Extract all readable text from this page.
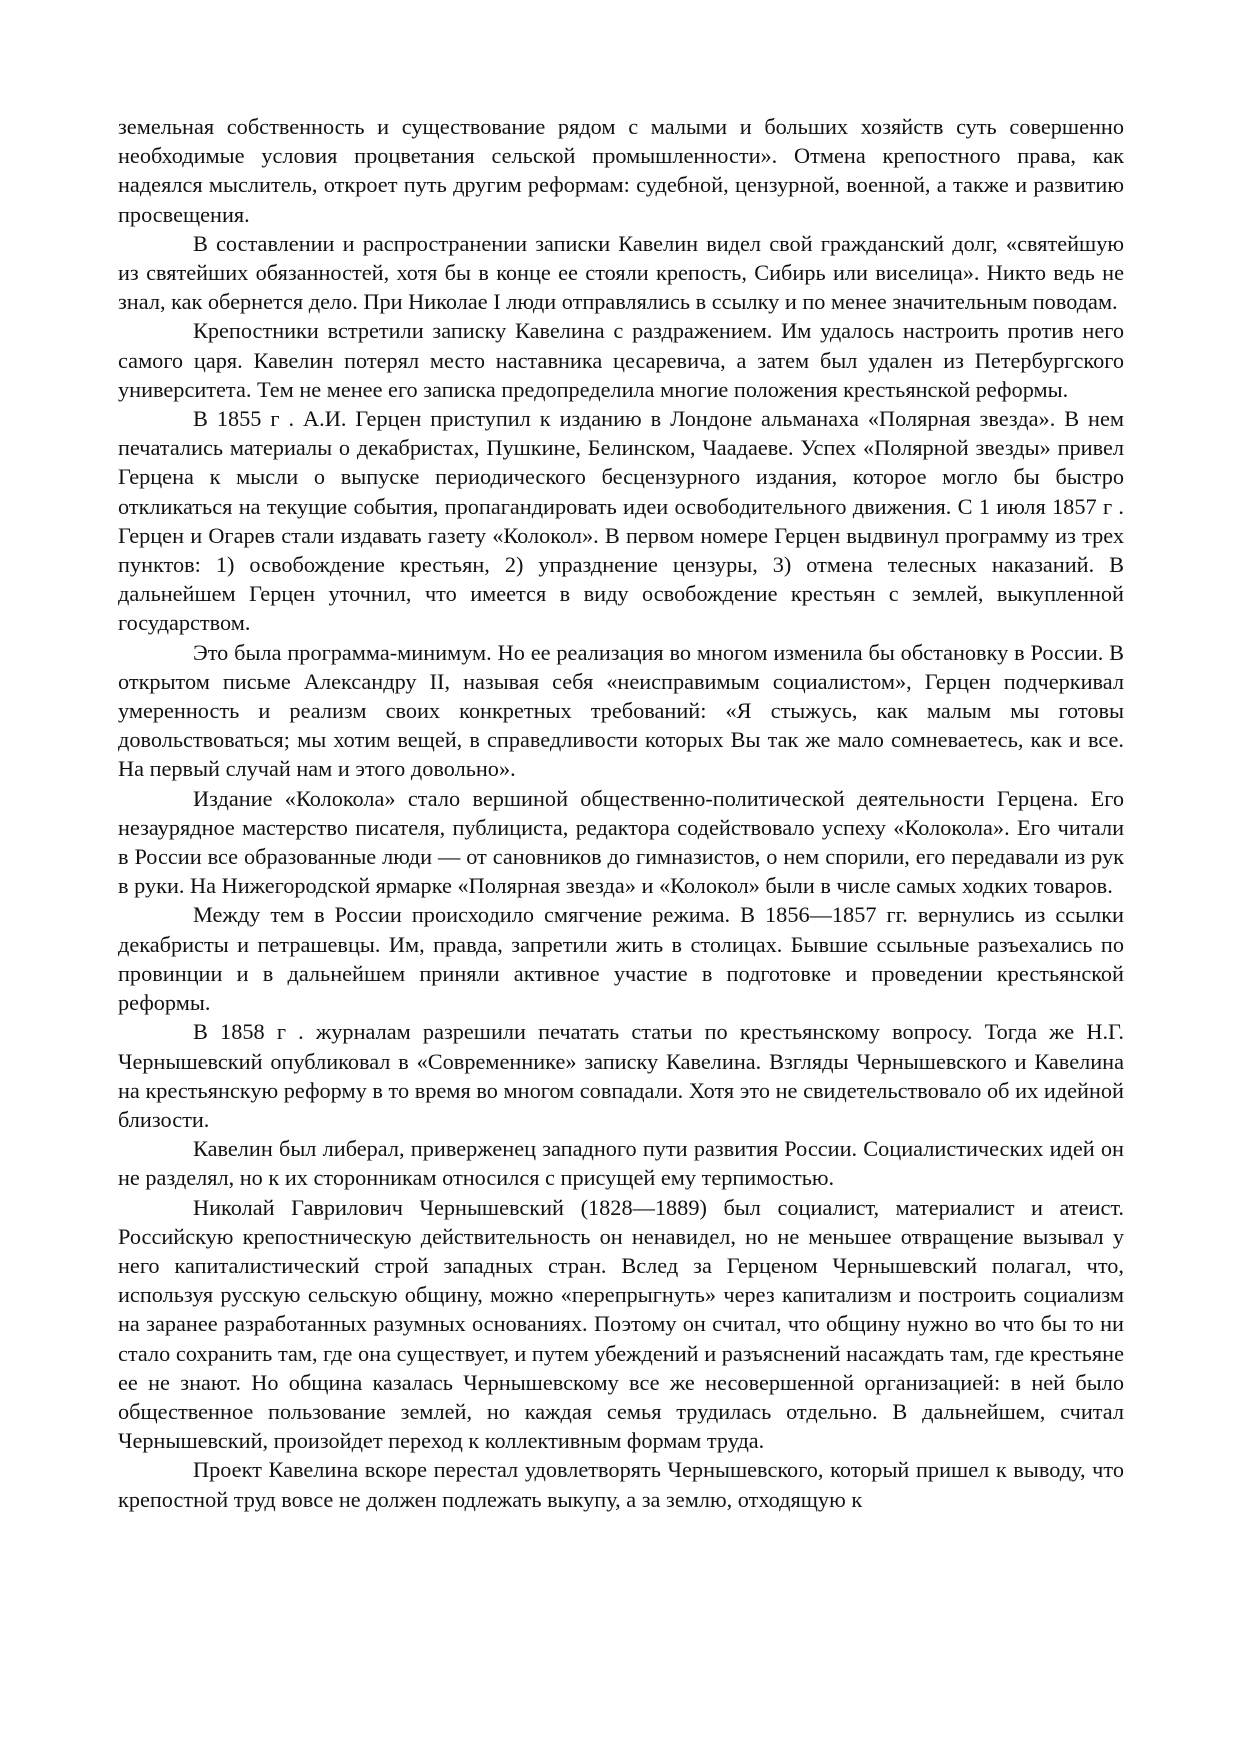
земельная собственность и существование рядом с малыми и больших хозяйств суть совершенно необходимые условия процветания сельской промышленности». Отмена крепостного права, как надеялся мыслитель, откроет путь другим реформам: судебной, цензурной, военной, а также и развитию просвещения.

В составлении и распространении записки Кавелин видел свой гражданский долг, «святейшую из святейших обязанностей, хотя бы в конце ее стояли крепость, Сибирь или виселица». Никто ведь не знал, как обернется дело. При Николае I люди отправлялись в ссылку и по менее значительным поводам.

Крепостники встретили записку Кавелина с раздражением. Им удалось настроить против него самого царя. Кавелин потерял место наставника цесаревича, а затем был удален из Петербургского университета. Тем не менее его записка предопределила многие положения крестьянской реформы.

В 1855 г . А.И. Герцен приступил к изданию в Лондоне альманаха «Полярная звезда». В нем печатались материалы о декабристах, Пушкине, Белинском, Чаадаеве. Успех «Полярной звезды» привел Герцена к мысли о выпуске периодического бесцензурного издания, которое могло бы быстро откликаться на текущие события, пропагандировать идеи освободительного движения. С 1 июля 1857 г . Герцен и Огарев стали издавать газету «Колокол». В первом номере Герцен выдвинул программу из трех пунктов: 1) освобождение крестьян, 2) упразднение цензуры, 3) отмена телесных наказаний. В дальнейшем Герцен уточнил, что имеется в виду освобождение крестьян с землей, выкупленной государством.

Это была программа-минимум. Но ее реализация во многом изменила бы обстановку в России. В открытом письме Александру II, называя себя «неисправимым социалистом», Герцен подчеркивал умеренность и реализм своих конкретных требований: «Я стыжусь, как малым мы готовы довольствоваться; мы хотим вещей, в справедливости которых Вы так же мало сомневаетесь, как и все. На первый случай нам и этого довольно».

Издание «Колокола» стало вершиной общественно-политической деятельности Герцена. Его незаурядное мастерство писателя, публициста, редактора содействовало успеху «Колокола». Его читали в России все образованные люди — от сановников до гимназистов, о нем спорили, его передавали из рук в руки. На Нижегородской ярмарке «Полярная звезда» и «Колокол» были в числе самых ходких товаров.

Между тем в России происходило смягчение режима. В 1856—1857 гг. вернулись из ссылки декабристы и петрашевцы. Им, правда, запретили жить в столицах. Бывшие ссыльные разъехались по провинции и в дальнейшем приняли активное участие в подготовке и проведении крестьянской реформы.

В 1858 г . журналам разрешили печатать статьи по крестьянскому вопросу. Тогда же Н.Г. Чернышевский опубликовал в «Современнике» записку Кавелина. Взгляды Чернышевского и Кавелина на крестьянскую реформу в то время во многом совпадали. Хотя это не свидетельствовало об их идейной близости.

Кавелин был либерал, приверженец западного пути развития России. Социалистических идей он не разделял, но к их сторонникам относился с присущей ему терпимостью.

Николай Гаврилович Чернышевский (1828—1889) был социалист, материалист и атеист. Российскую крепостническую действительность он ненавидел, но не меньшее отвращение вызывал у него капиталистический строй западных стран. Вслед за Герценом Чернышевский полагал, что, используя русскую сельскую общину, можно «перепрыгнуть» через капитализм и построить социализм на заранее разработанных разумных основаниях. Поэтому он считал, что общину нужно во что бы то ни стало сохранить там, где она существует, и путем убеждений и разъяснений насаждать там, где крестьяне ее не знают. Но община казалась Чернышевскому все же несовершенной организацией: в ней было общественное пользование землей, но каждая семья трудилась отдельно. В дальнейшем, считал Чернышевский, произойдет переход к коллективным формам труда.

Проект Кавелина вскоре перестал удовлетворять Чернышевского, который пришел к выводу, что крепостной труд вовсе не должен подлежать выкупу, а за землю, отходящую к
